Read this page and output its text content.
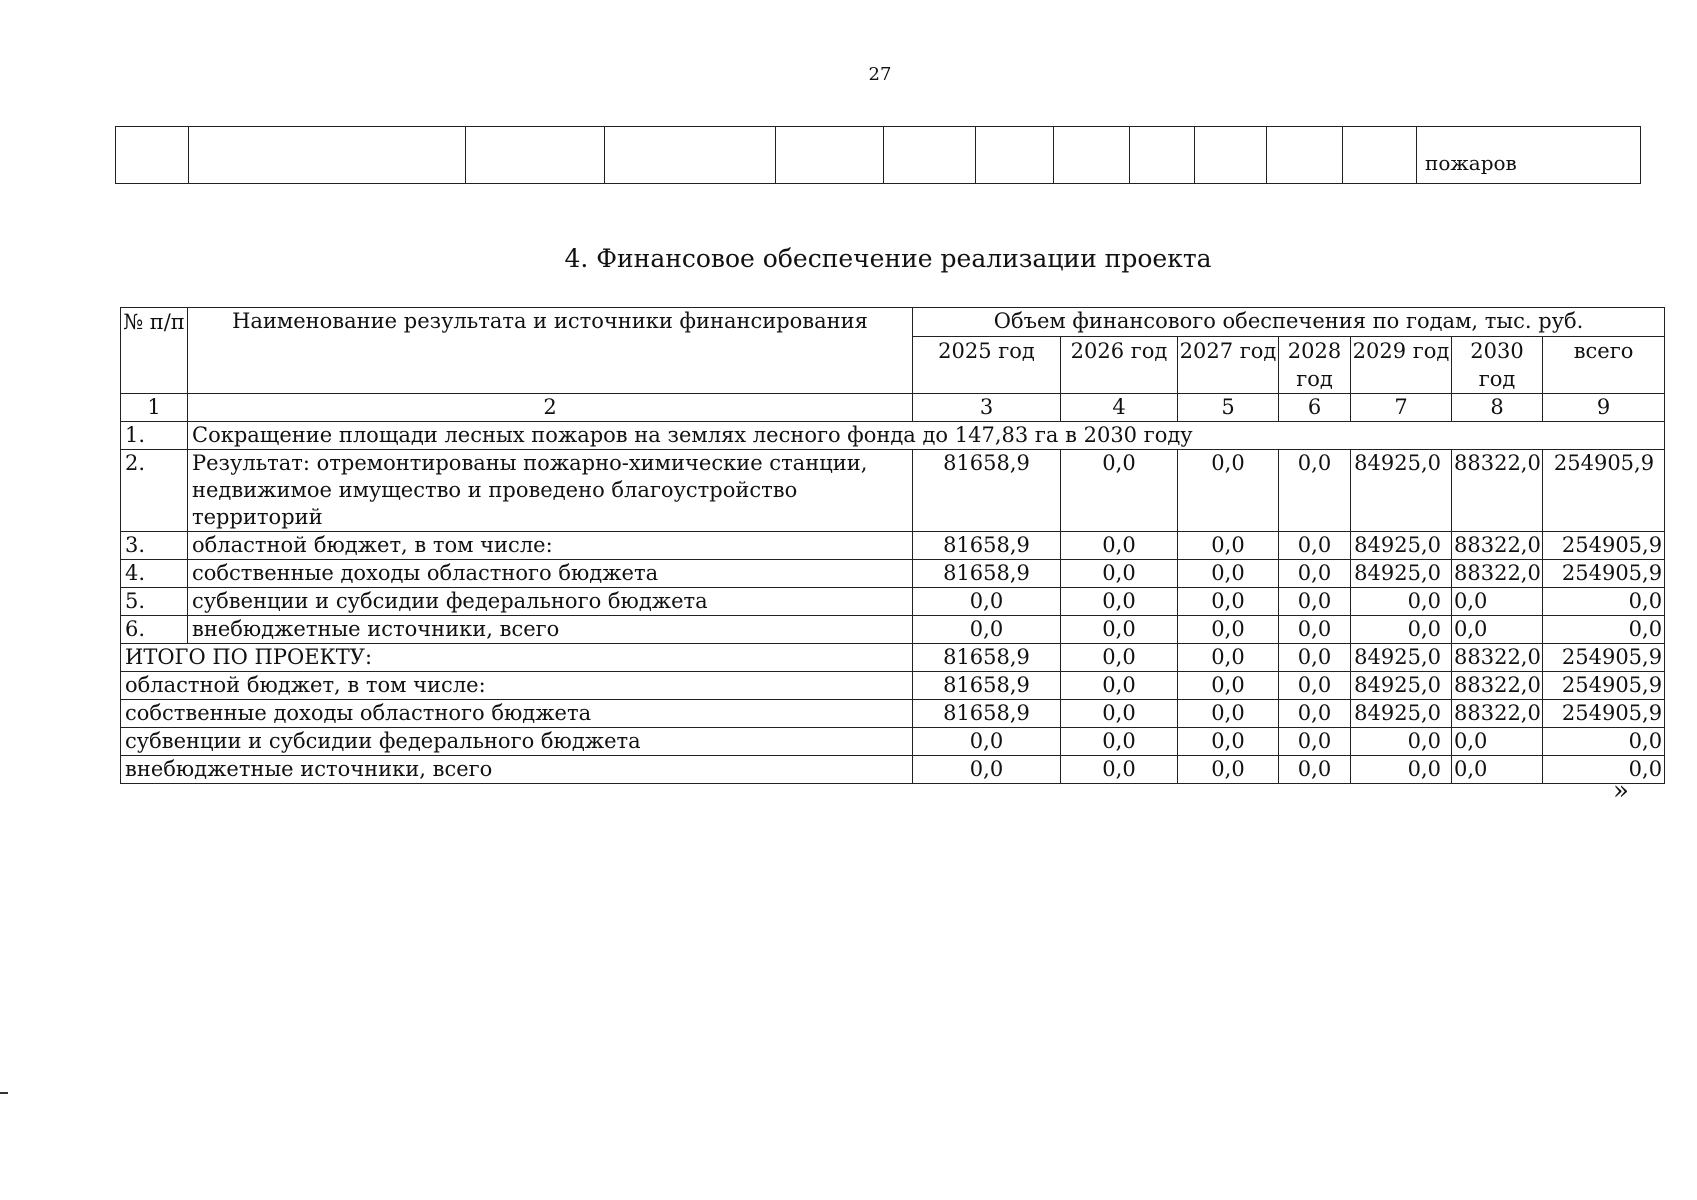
27
												пожаров
4. Финансовое обеспечение реализации проекта
№ п/п	Наименование результата и источники финансирования	Объем финансового обеспечения по годам, тыс. руб.						
		2025 год	2026 год	2027 год	2028 год	2029 год	2030 год	всего
1	2	3	4	5	6	7	8	9
1.	Сокращение площади лесных пожаров на землях лесного фонда до 147,83 га в 2030 году							
2.	Результат: отремонтированы пожарно-химические станции, недвижимое имущество и проведено благоустройство территорий	81658,9	0,0	0,0	0,0	84925,0	88322,0	254905,9
3.	областной бюджет, в том числе:	81658,9	0,0	0,0	0,0	84925,0	88322,0	254905,9
4.	собственные доходы областного бюджета	81658,9	0,0	0,0	0,0	84925,0	88322,0	254905,9
5.	субвенции и субсидии федерального бюджета	0,0	0,0	0,0	0,0	0,0	0,0	0,0
6.	внебюджетные источники, всего	0,0	0,0	0,0	0,0	0,0	0,0	0,0
ИТОГО ПО ПРОЕКТУ:		81658,9	0,0	0,0	0,0	84925,0	88322,0	254905,9
областной бюджет, в том числе:		81658,9	0,0	0,0	0,0	84925,0	88322,0	254905,9
собственные доходы областного бюджета		81658,9	0,0	0,0	0,0	84925,0	88322,0	254905,9
субвенции и субсидии федерального бюджета		0,0	0,0	0,0	0,0	0,0	0,0	0,0
внебюджетные источники, всего		0,0	0,0	0,0	0,0	0,0	0,0	0,0
»
